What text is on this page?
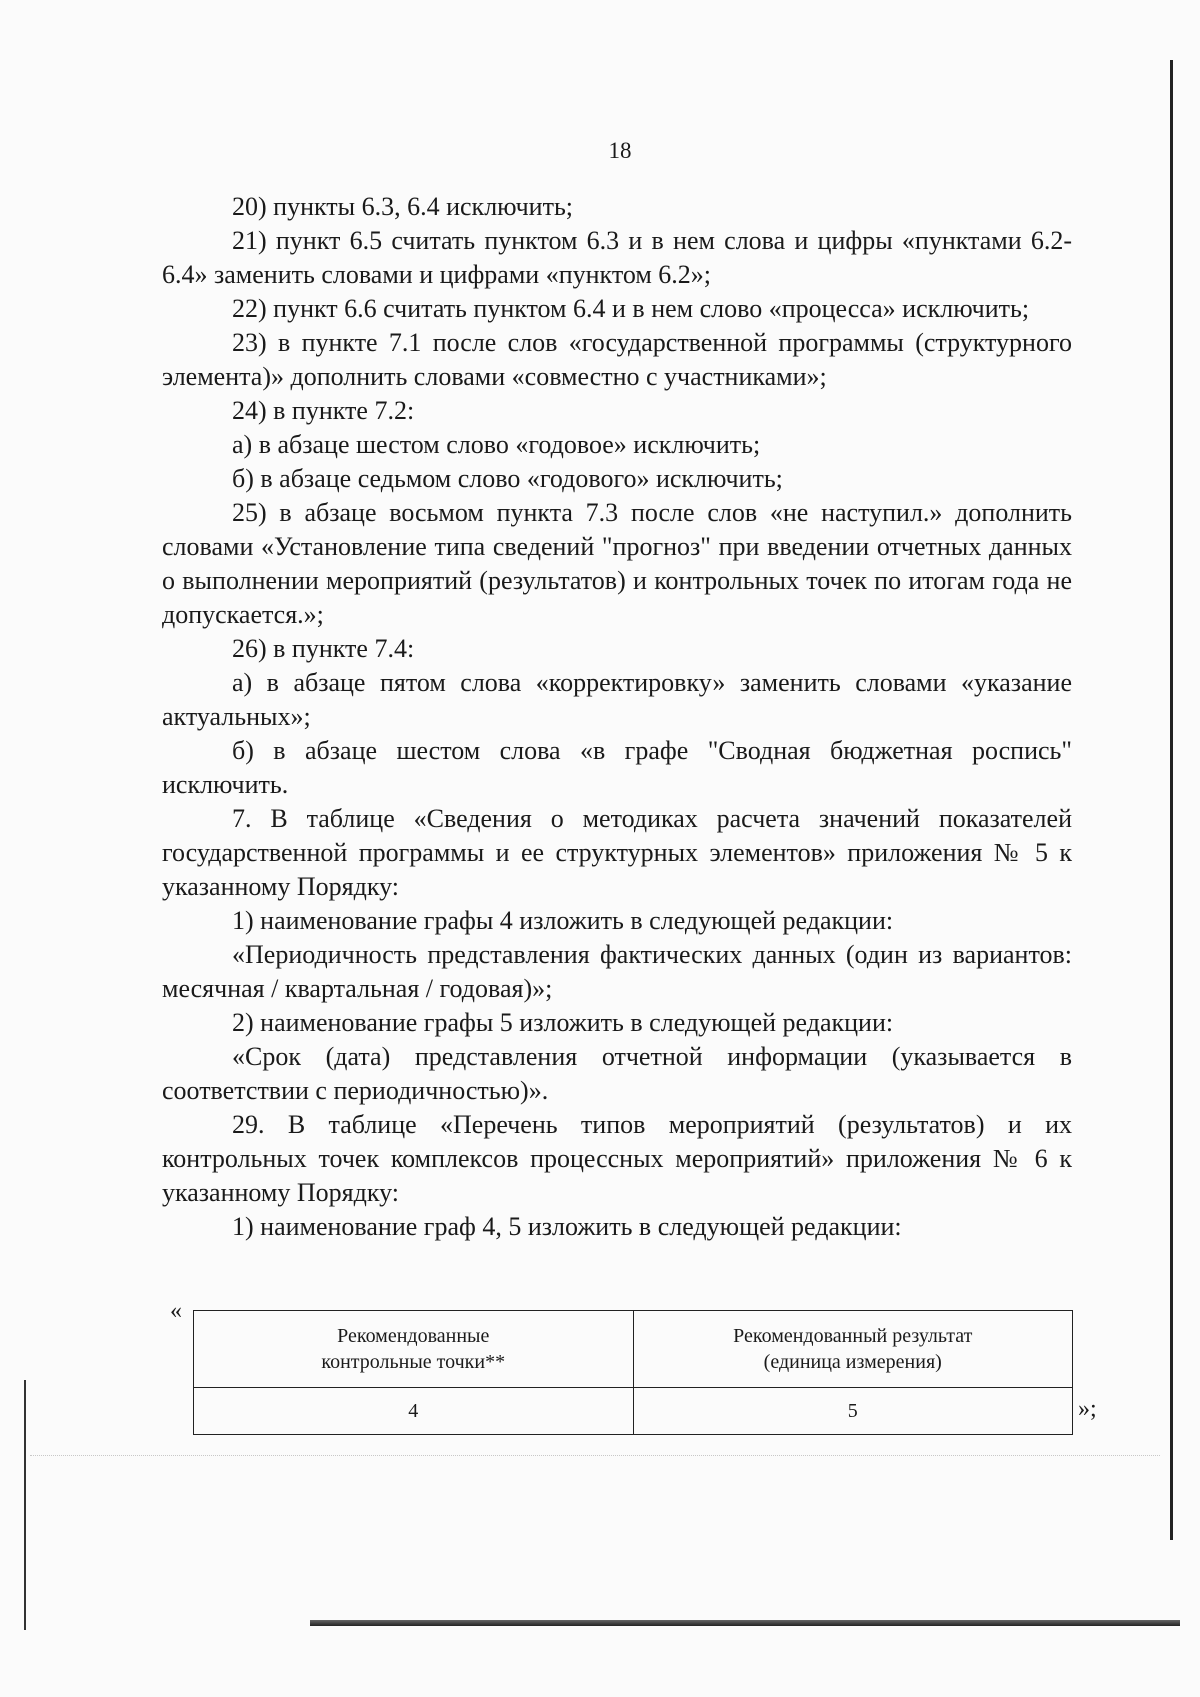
18

20) пункты 6.3, 6.4 исключить;

21) пункт 6.5 считать пунктом 6.3 и в нем слова и цифры «пунктами 6.2-6.4» заменить словами и цифрами «пунктом 6.2»;

22) пункт 6.6 считать пунктом 6.4 и в нем слово «процесса» исключить;

23) в пункте 7.1 после слов «государственной программы (структурного элемента)» дополнить словами «совместно с участниками»;

24) в пункте 7.2:

а) в абзаце шестом слово «годовое» исключить;

б) в абзаце седьмом слово «годового» исключить;

25) в абзаце восьмом пункта 7.3 после слов «не наступил.» дополнить словами «Установление типа сведений "прогноз" при введении отчетных данных о выполнении мероприятий (результатов) и контрольных точек по итогам года не допускается.»;

26) в пункте 7.4:

а) в абзаце пятом слова «корректировку» заменить словами «указание актуальных»;

б) в абзаце шестом слова «в графе "Сводная бюджетная роспись" исключить.

7. В таблице «Сведения о методиках расчета значений показателей государственной программы и ее структурных элементов» приложения № 5 к указанному Порядку:

1) наименование графы 4 изложить в следующей редакции:

«Периодичность представления фактических данных (один из вариантов: месячная / квартальная / годовая)»;

2) наименование графы 5 изложить в следующей редакции:

«Срок (дата) представления отчетной информации (указывается в соответствии с периодичностью)».

29. В таблице «Перечень типов мероприятий (результатов) и их контрольных точек комплексов процессных мероприятий» приложения № 6 к указанному Порядку:

1) наименование граф 4, 5 изложить в следующей редакции:

«
Рекомендованные
контрольные точки**	Рекомендованный результат
(единица измерения)

4	5	»;
